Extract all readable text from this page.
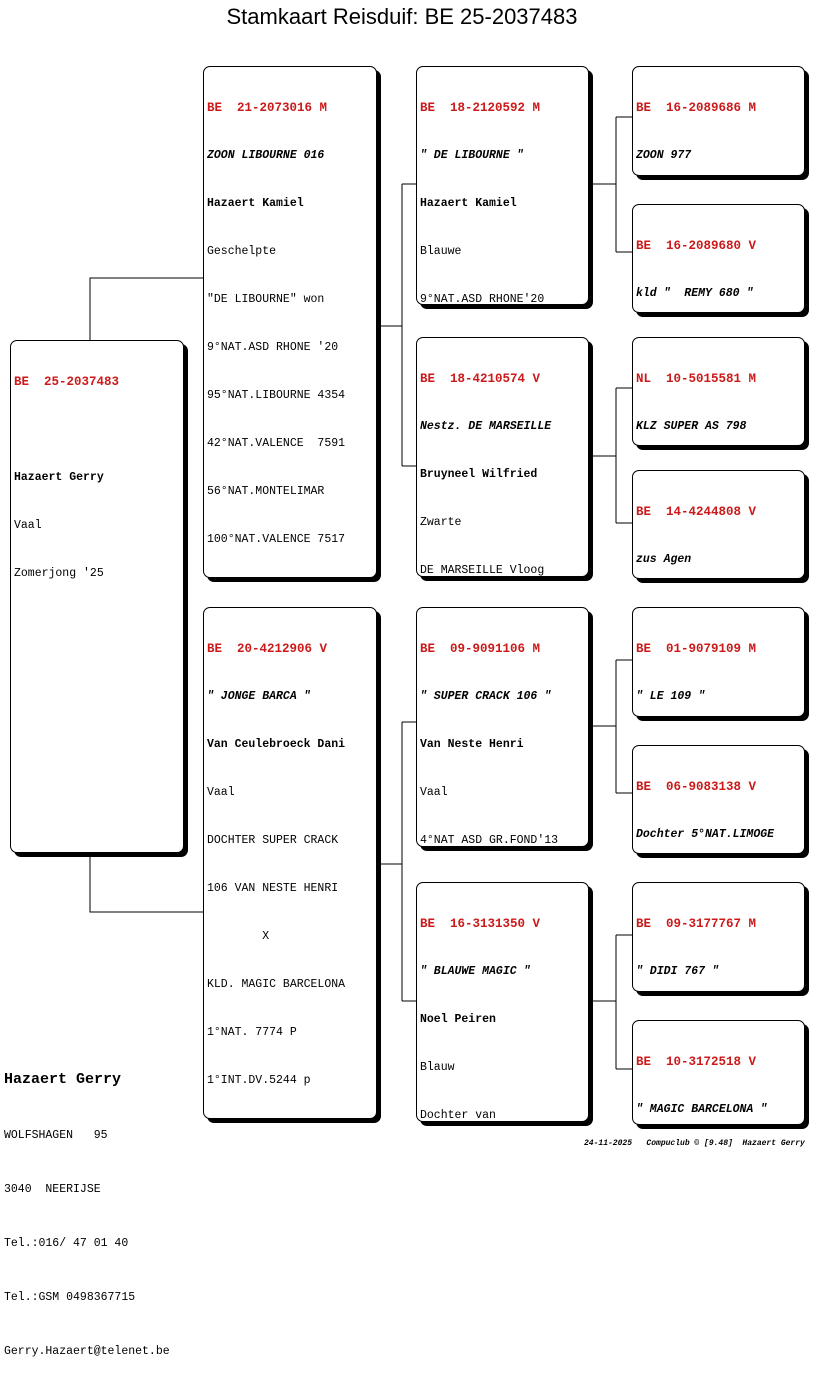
Stamkaart Reisduif: BE 25-2037483

BE  25-2037483

Hazaert Gerry

Vaal

Zomerjong '25

BE  21-2073016 M

ZOON LIBOURNE 016

Hazaert Kamiel

Geschelpte

"DE LIBOURNE" won

9°NAT.ASD RHONE '20

95°NAT.LIBOURNE 4354

42°NAT.VALENCE  7591

56°NAT.MONTELIMAR

100°NAT.VALENCE 7517

BE  20-4212906 V

" JONGE BARCA "

Van Ceulebroeck Dani

Vaal

DOCHTER SUPER CRACK

106 VAN NESTE HENRI

X

KLD. MAGIC BARCELONA

1°NAT. 7774 P

1°INT.DV.5244 p

BE  18-2120592 M

" DE LIBOURNE "

Hazaert Kamiel

Blauwe

9°NAT.ASD RHONE'20

BE  18-4210574 V

Nestz. DE MARSEILLE

Bruyneel Wilfried

Zwarte

DE MARSEILLE Vloog

BE  09-9091106 M

" SUPER CRACK 106 "

Van Neste Henri

Vaal

4°NAT ASD GR.FOND'13

BE  16-3131350 V

" BLAUWE MAGIC "

Noel Peiren

Blauw

Dochter van

BE  16-2089686 M

ZOON 977

BE  16-2089680 V

kld "  REMY 680 "

NL  10-5015581 M

KLZ SUPER AS 798

BE  14-4244808 V

zus Agen

BE  01-9079109 M

" LE 109 "

BE  06-9083138 V

Dochter 5°NAT.LIMOGE

BE  09-3177767 M

" DIDI 767 "

BE  10-3172518 V

" MAGIC BARCELONA "

Hazaert Gerry

WOLFSHAGEN   95

3040  NEERIJSE

Tel.:016/ 47 01 40

Tel.:GSM 0498367715

Gerry.Hazaert@telenet.be

24-11-2025   Compuclub © [9.48]  Hazaert Gerry
